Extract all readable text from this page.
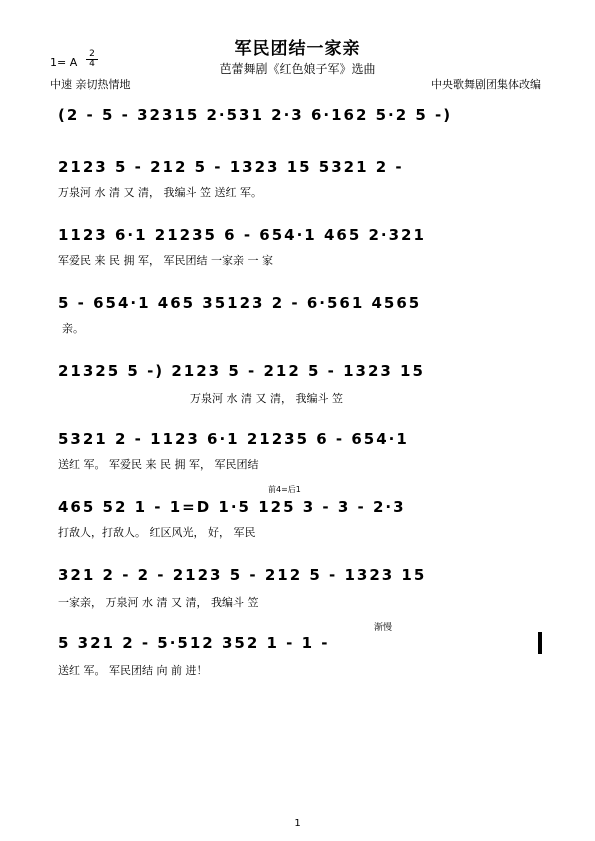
军民团结一家亲
芭蕾舞剧《红色娘子军》选曲
1= A
2
4
中速 亲切热情地	中央歌舞剧团集体改编
(2 - 5 - 32315 2·531 2·3 6·162 5·2 5 -)
2123 5 - 212 5 - 1323 15 5321 2 -
万泉河 水 清 又 清， 我编斗 笠 送红 军。
1123 6·1 21235 6 - 654·1 465 2·321
军爱民 来 民 拥 军， 军民团结 一家亲 一 家
5 - 654·1 465 35123 2 - 6·561 4565
亲。
21325 5 -) 2123 5 - 212 5 - 1323 15
万泉河 水 清 又 清， 我编斗 笠
5321 2 - 1123 6·1 21235 6 - 654·1
送红 军。 军爱民 来 民 拥 军， 军民团结
前4=后1
465 52 1 - 1=D 1·5 125 3 - 3 - 2·3
打敌人，打敌人。 红区风光， 好， 军民
321 2 - 2 - 2123 5 - 212 5 - 1323 15
一家亲， 万泉河 水 清 又 清， 我编斗 笠
渐慢
5 321 2 - 5·512 352 1 - 1 -
送红 军。 军民团结 向 前 进！
1
